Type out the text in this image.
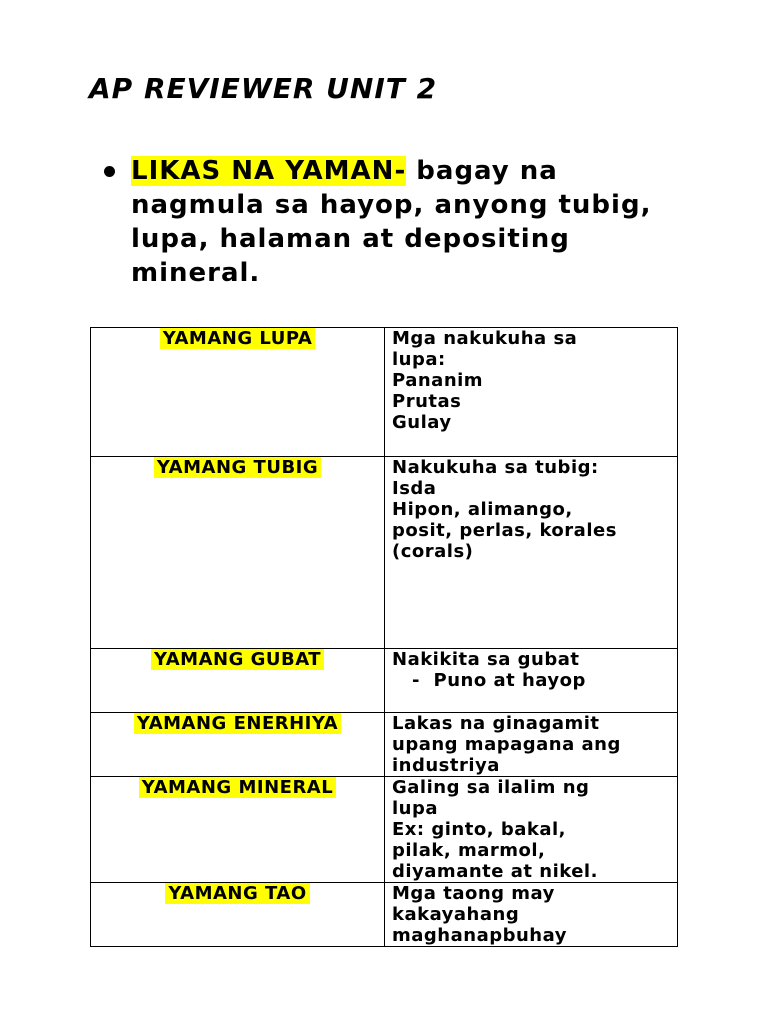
AP REVIEWER UNIT 2
LIKAS NA YAMAN- bagay na nagmula sa hayop, anyong tubig, lupa, halaman at depositing mineral.
YAMANG LUPA	Mga nakukuha sa
lupa:
Pananim
Prutas
Gulay

YAMANG TUBIG	Nakukuha sa tubig:
Isda
Hipon, alimango,
posit, perlas, korales
(corals)

YAMANG GUBAT	Nakikita sa gubat
-  Puno at hayop

YAMANG ENERHIYA	Lakas na ginagamit
upang mapagana ang
industriya

YAMANG MINERAL	Galing sa ilalim ng
lupa
Ex: ginto, bakal,
pilak, marmol,
diyamante at nikel.

YAMANG TAO	Mga taong may
kakayahang
maghanapbuhay
